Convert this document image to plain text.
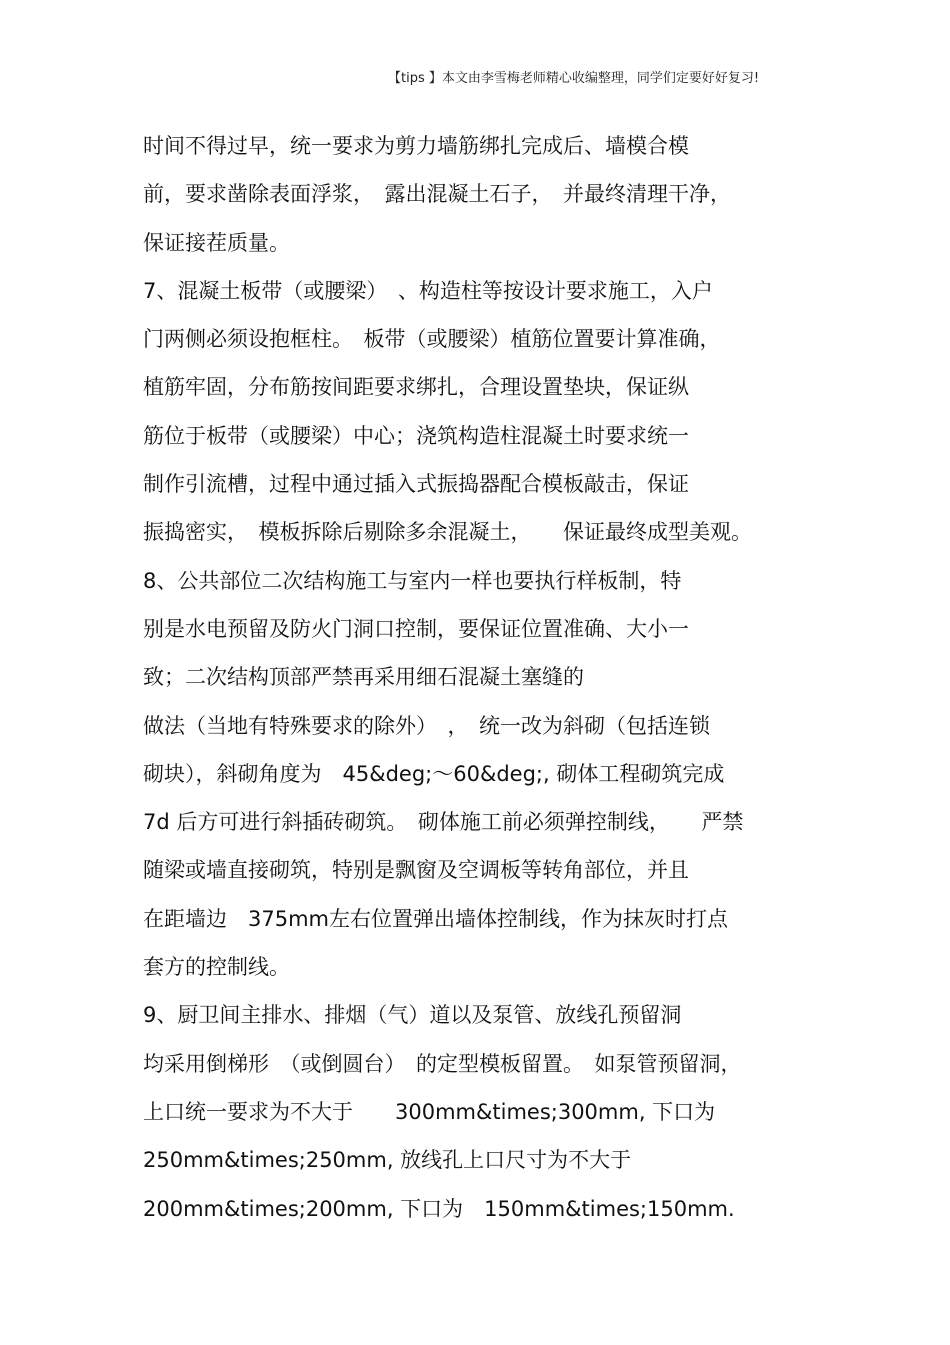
【tips 】本文由李雪梅老师精心收编整理，同学们定要好好复习!
时间不得过早，统一要求为剪力墙筋绑扎完成后、墙模合模
前，要求凿除表面浮浆，　露出混凝土石子，　并最终清理干净，
保证接茬质量。
7、混凝土板带（或腰梁）　、构造柱等按设计要求施工，入户
门两侧必须设抱框柱。　板带（或腰梁）植筋位置要计算准确，
植筋牢固，分布筋按间距要求绑扎，合理设置垫块，保证纵
筋位于板带（或腰梁）中心；浇筑构造柱混凝土时要求统一
制作引流槽，过程中通过插入式振捣器配合模板敲击，保证
振捣密实，　模板拆除后剔除多余混凝土，　　保证最终成型美观。
8、公共部位二次结构施工与室内一样也要执行样板制，特
别是水电预留及防火门洞口控制，要保证位置准确、大小一
致；二次结构顶部严禁再采用细石混凝土塞缝的
做法（当地有特殊要求的除外）　，　统一改为斜砌（包括连锁
砌块），斜砌角度为　45&deg;～60&deg;, 砌体工程砌筑完成
7d 后方可进行斜插砖砌筑。　砌体施工前必须弹控制线，　　严禁
随梁或墙直接砌筑，特别是飘窗及空调板等转角部位，并且
在距墙边　375mm左右位置弹出墙体控制线，作为抹灰时打点
套方的控制线。
9、厨卫间主排水、排烟（气）道以及泵管、放线孔预留洞
均采用倒梯形　（或倒圆台）　的定型模板留置。　如泵管预留洞，
上口统一要求为不大于　　300mm&times;300mm, 下口为
250mm&times;250mm, 放线孔上口尺寸为不大于
200mm&times;200mm, 下口为　150mm&times;150mm.
